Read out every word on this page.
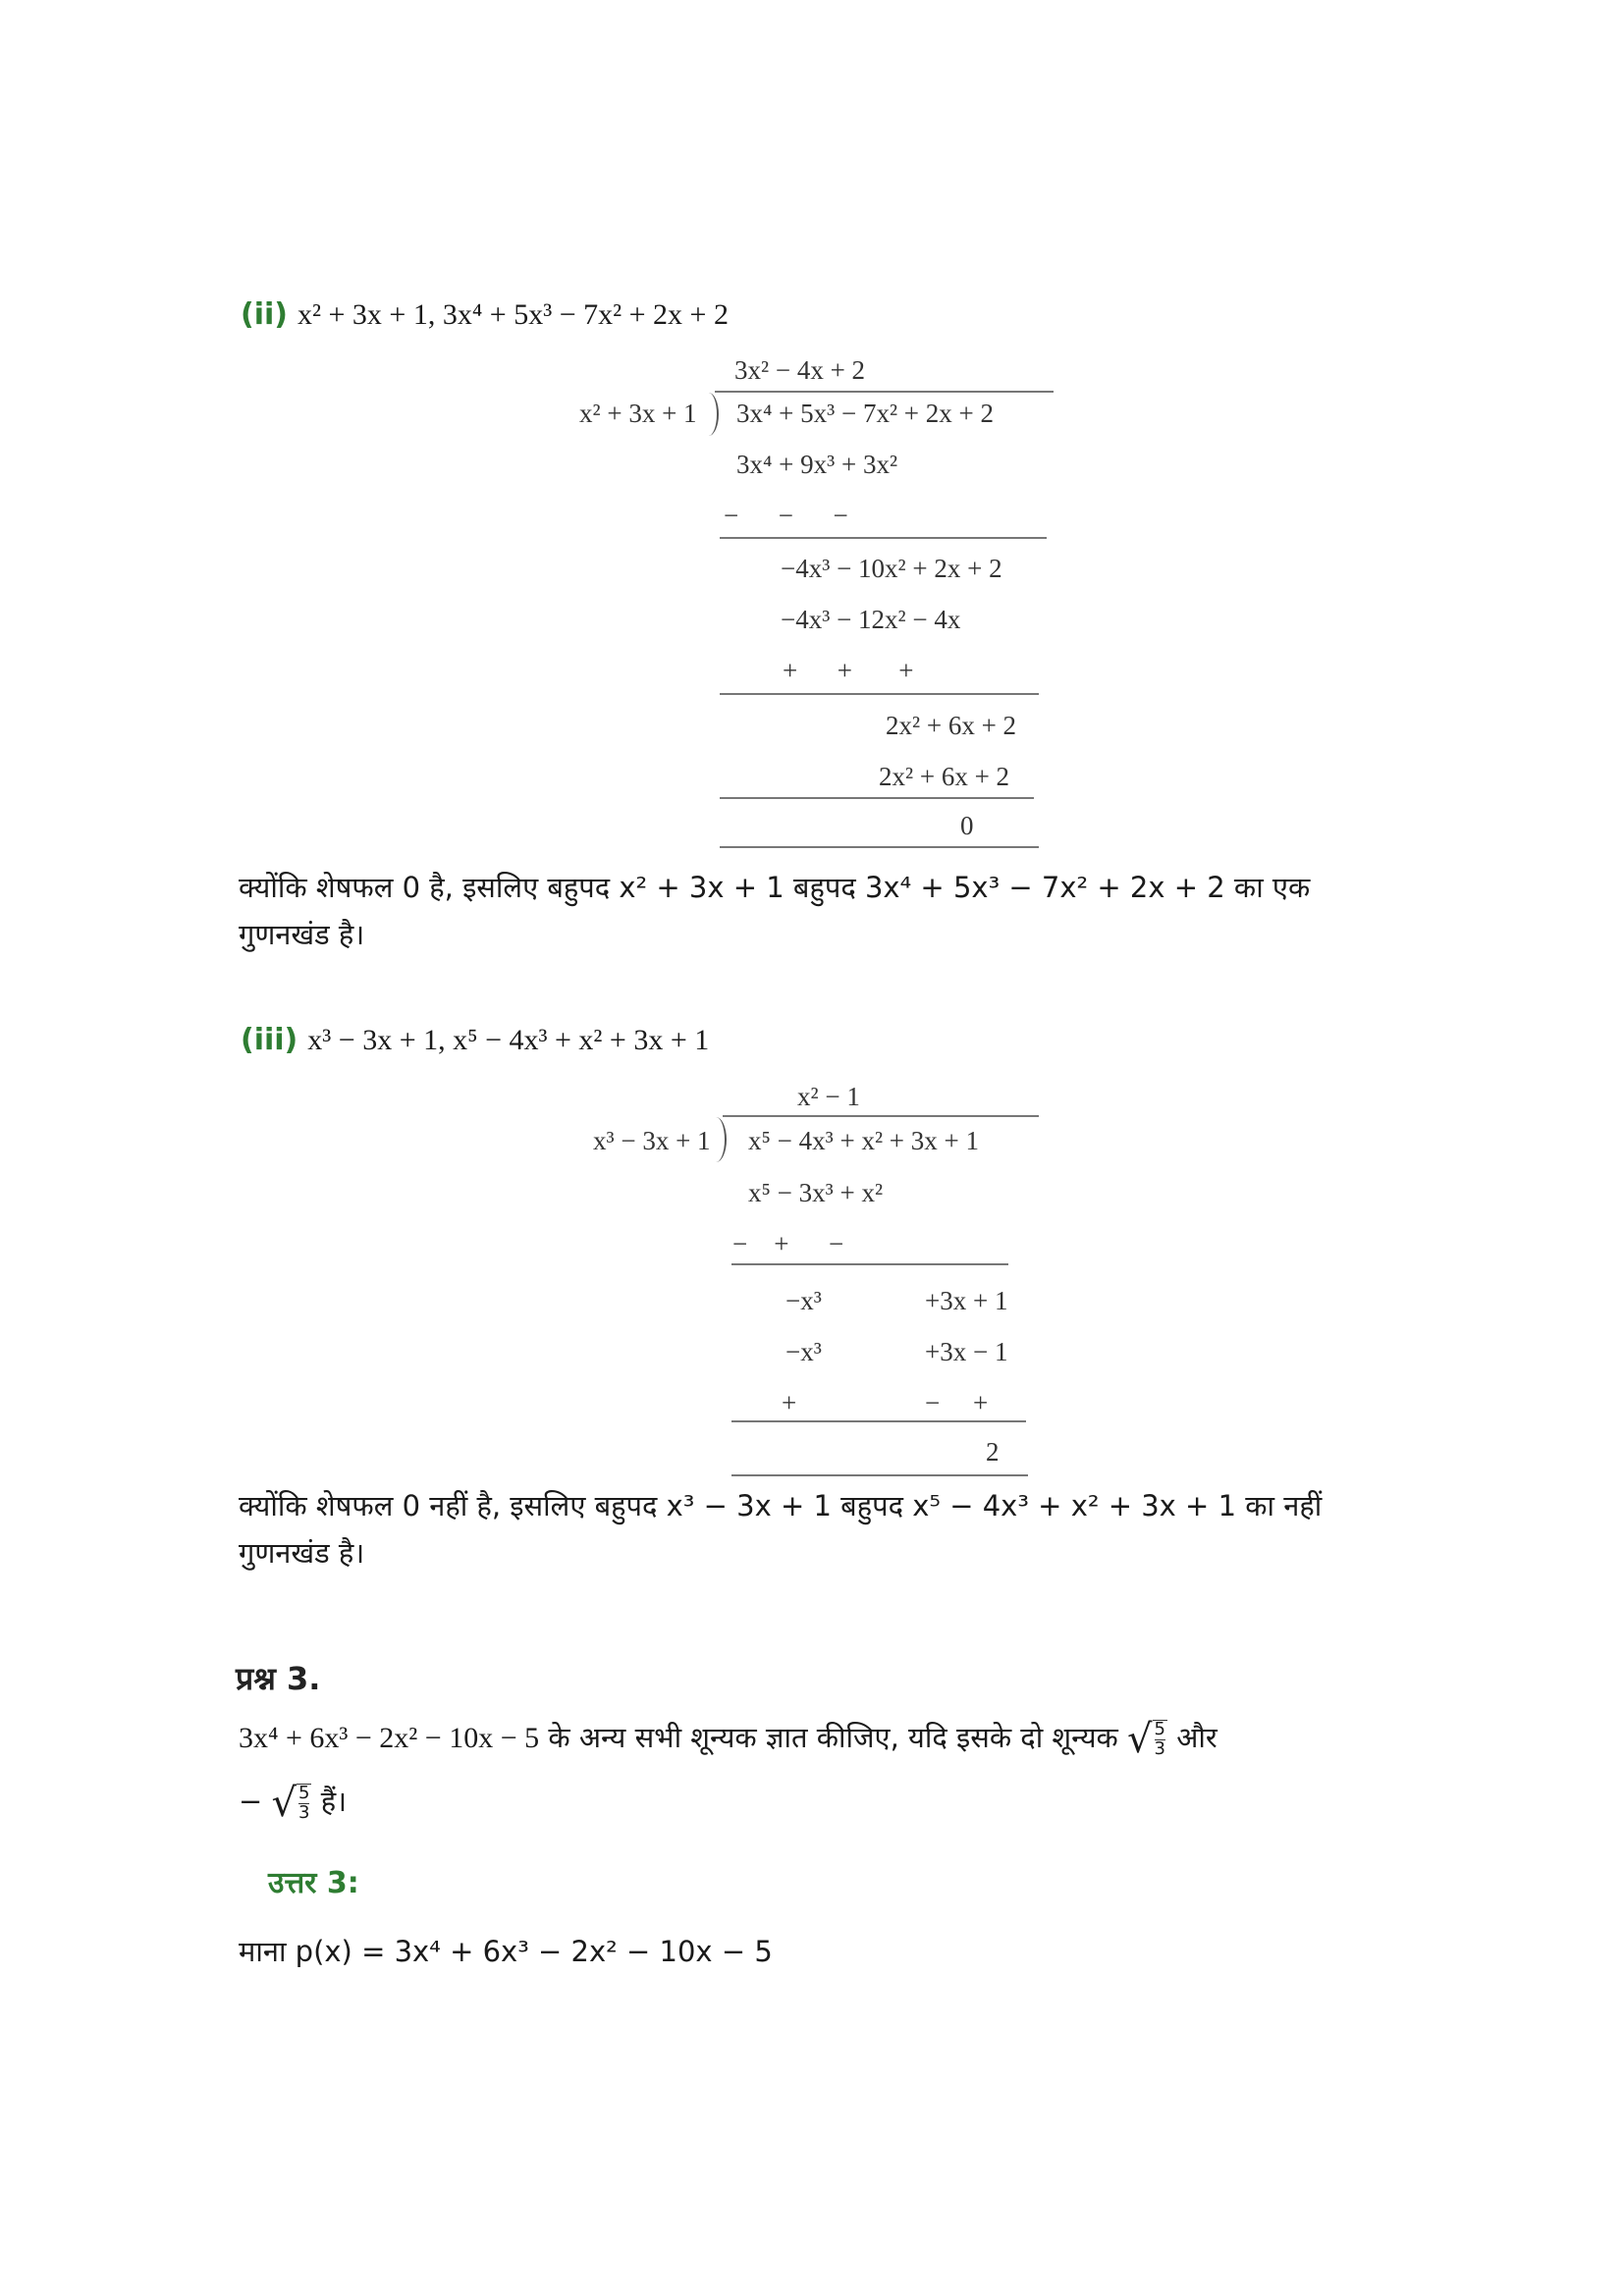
(ii) x² + 3x + 1, 3x⁴ + 5x³ − 7x² + 2x + 2
3x² − 4x + 2
x² + 3x + 1 3x⁴ + 5x³ − 7x² + 2x + 2
3x⁴ + 9x³ + 3x²
−      −      −
−4x³ − 10x² + 2x + 2
−4x³ − 12x² − 4x
+      +       +
2x² + 6x + 2
2x² + 6x + 2
0
क्योंकि शेषफल 0 है, इसलिए बहुपद x² + 3x + 1 बहुपद 3x⁴ + 5x³ − 7x² + 2x + 2 का एक
गुणनखंड है।
(iii) x³ − 3x + 1, x⁵ − 4x³ + x² + 3x + 1
x² − 1
x³ − 3x + 1 x⁵ − 4x³ + x² + 3x + 1
x⁵ − 3x³ + x²
−    +      −
−x³	+3x + 1
−x³	+3x − 1
+	−     +
2
क्योंकि शेषफल 0 नहीं है, इसलिए बहुपद x³ − 3x + 1 बहुपद x⁵ − 4x³ + x² + 3x + 1 का नहीं
गुणनखंड है।
प्रश्न 3.
3x⁴ + 6x³ − 2x² − 10x − 5 के अन्य सभी शून्यक ज्ञात कीजिए, यदि इसके दो शून्यक √ $\frac{5}{3}$ और
− √ $\frac{5}{3}$ हैं।
उत्तर 3:
माना p(x) = 3x⁴ + 6x³ − 2x² − 10x − 5
